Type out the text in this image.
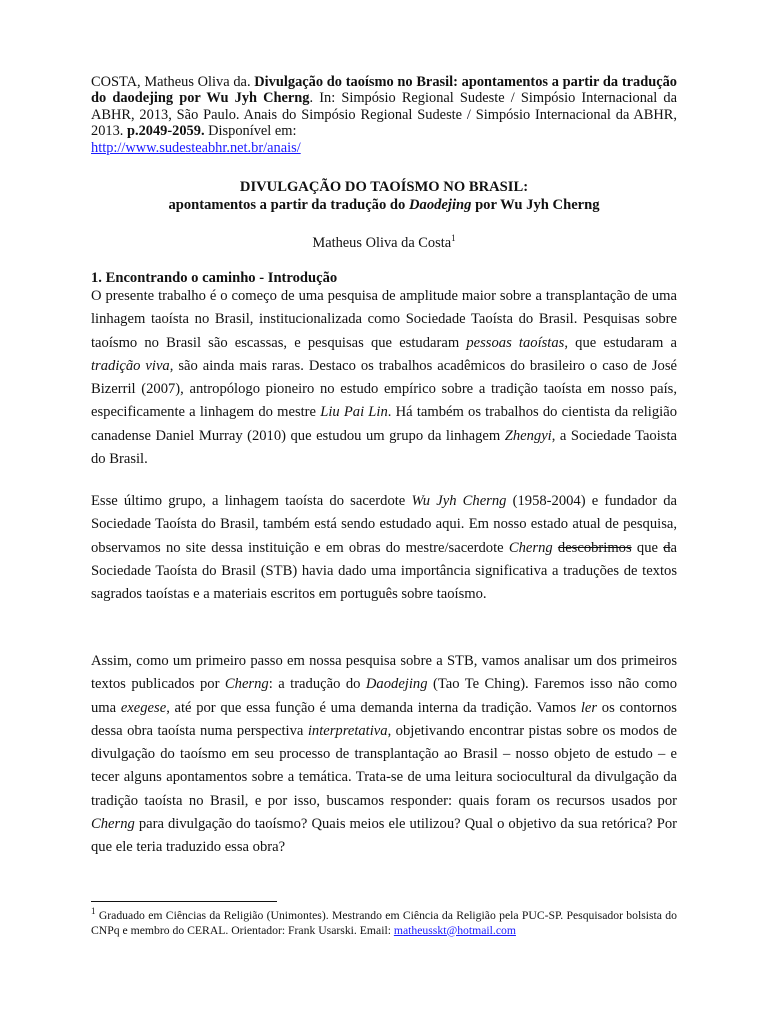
COSTA, Matheus Oliva da. Divulgação do taoísmo no Brasil: apontamentos a partir da tradução do daodejing por Wu Jyh Cherng. In: Simpósio Regional Sudeste / Simpósio Internacional da ABHR, 2013, São Paulo. Anais do Simpósio Regional Sudeste / Simpósio Internacional da ABHR, 2013. p.2049-2059. Disponível em:
http://www.sudesteabhr.net.br/anais/
DIVULGAÇÃO DO TAOÍSMO NO BRASIL:
apontamentos a partir da tradução do Daodejing por Wu Jyh Cherng
Matheus Oliva da Costa$^1$
1. Encontrando o caminho - Introdução
O presente trabalho é o começo de uma pesquisa de amplitude maior sobre a transplantação de uma linhagem taoísta no Brasil, institucionalizada como Sociedade Taoísta do Brasil. Pesquisas sobre taoísmo no Brasil são escassas, e pesquisas que estudaram pessoas taoístas, que estudaram a tradição viva, são ainda mais raras. Destaco os trabalhos acadêmicos do brasileiro o caso de José Bizerril (2007), antropólogo pioneiro no estudo empírico sobre a tradição taoísta em nosso país, especificamente a linhagem do mestre Liu Pai Lin. Há também os trabalhos do cientista da religião canadense Daniel Murray (2010) que estudou um grupo da linhagem Zhengyi, a Sociedade Taoista do Brasil.
Esse último grupo, a linhagem taoísta do sacerdote Wu Jyh Cherng (1958-2004) e fundador da Sociedade Taoísta do Brasil, também está sendo estudado aqui. Em nosso estado atual de pesquisa, observamos no site dessa instituição e em obras do mestre/sacerdote Cherng descobrimos que da Sociedade Taoísta do Brasil (STB) havia dado uma importância significativa a traduções de textos sagrados taoístas e a materiais escritos em português sobre taoísmo.
Assim, como um primeiro passo em nossa pesquisa sobre a STB, vamos analisar um dos primeiros textos publicados por Cherng: a tradução do Daodejing (Tao Te Ching). Faremos isso não como uma exegese, até por que essa função é uma demanda interna da tradição. Vamos ler os contornos dessa obra taoísta numa perspectiva interpretativa, objetivando encontrar pistas sobre os modos de divulgação do taoísmo em seu processo de transplantação ao Brasil – nosso objeto de estudo – e tecer alguns apontamentos sobre a temática. Trata-se de uma leitura sociocultural da divulgação da tradição taoísta no Brasil, e por isso, buscamos responder: quais foram os recursos usados por Cherng para divulgação do taoísmo? Quais meios ele utilizou? Qual o objetivo da sua retórica? Por que ele teria traduzido essa obra?
$^1$ Graduado em Ciências da Religião (Unimontes). Mestrando em Ciência da Religião pela PUC-SP. Pesquisador bolsista do CNPq e membro do CERAL. Orientador: Frank Usarski. Email: matheusskt@hotmail.com
